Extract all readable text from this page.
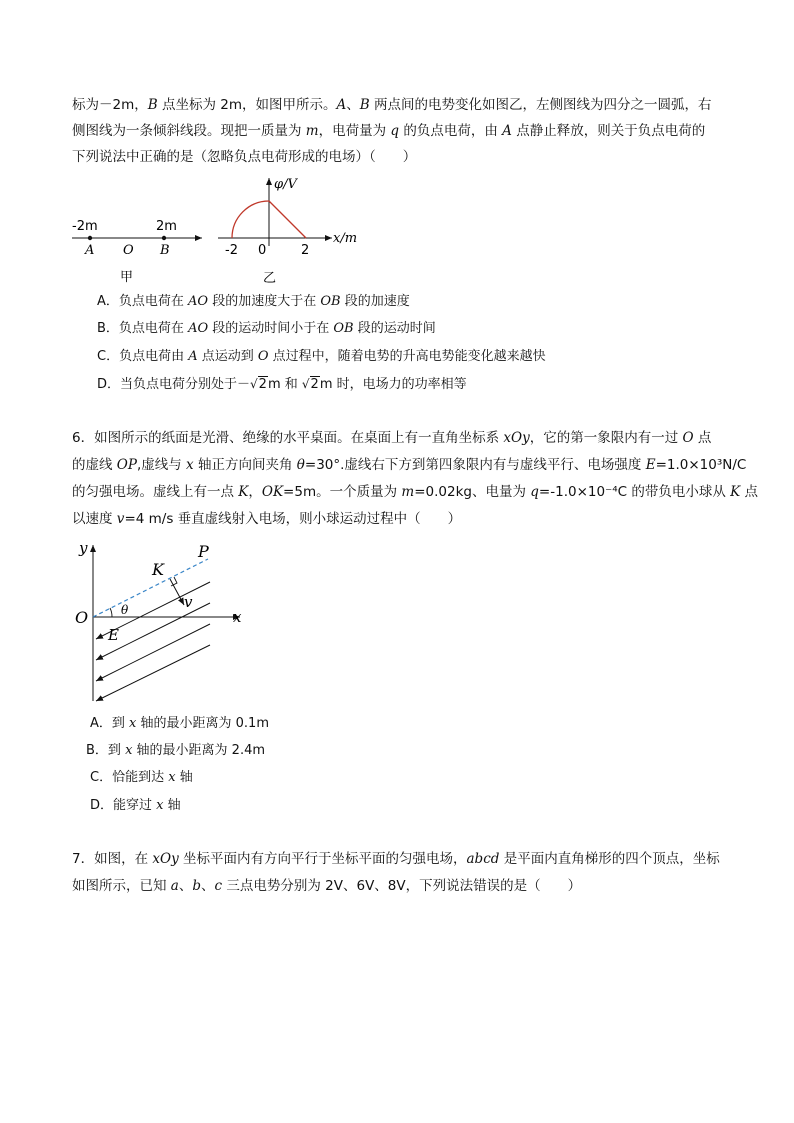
标为－2m，B 点坐标为 2m，如图甲所示。A、B 两点间的电势变化如图乙，左侧图线为四分之一圆弧，右
侧图线为一条倾斜线段。现把一质量为 m，电荷量为 q 的负点电荷，由 A 点静止释放，则关于负点电荷的
下列说法中正确的是（忽略负点电荷形成的电场）（　　）
-2m	2m
A O B
甲
φ/V
x/m
-2 0	2
乙
A．负点电荷在 AO 段的加速度大于在 OB 段的加速度
B．负点电荷在 AO 段的运动时间小于在 OB 段的运动时间
C．负点电荷由 A 点运动到 O 点过程中，随着电势的升高电势能变化越来越快
D．当负点电荷分别处于－√2m 和 √2m 时，电场力的功率相等
6．如图所示的纸面是光滑、绝缘的水平桌面。在桌面上有一直角坐标系 xOy，它的第一象限内有一过 O 点
的虚线 OP,虚线与 x 轴正方向间夹角 θ=30°.虚线右下方到第四象限内有与虚线平行、电场强度 E=1.0×10³N/C
的匀强电场。虚线上有一点 K，OK=5m。一个质量为 m=0.02kg、电量为 q=-1.0×10⁻⁴C 的带负电小球从 K 点
以速度 v=4 m/s 垂直虚线射入电场，则小球运动过程中（　　）
y	P
K
v
O	θ	x
E
A．到 x 轴的最小距离为 0.1m
B．到 x 轴的最小距离为 2.4m
C．恰能到达 x 轴
D．能穿过 x 轴
7．如图，在 xOy 坐标平面内有方向平行于坐标平面的匀强电场，abcd 是平面内直角梯形的四个顶点，坐标
如图所示，已知 a、b、c 三点电势分别为 2V、6V、8V，下列说法错误的是（　　）
